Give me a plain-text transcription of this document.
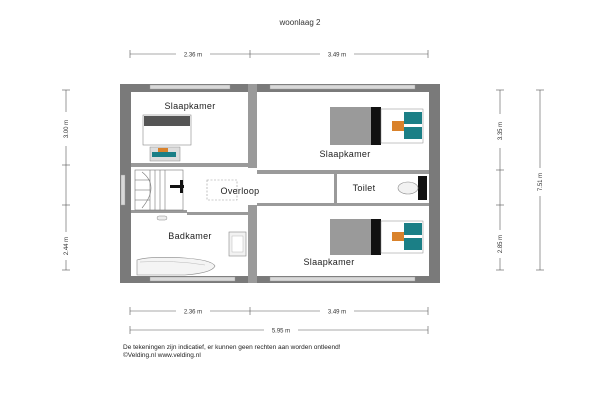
woonlaag 2
2.36 m	3.49 m
2.36 m	3.49 m
5.95 m
3.00 m
2.44 m
3.35 m
2.85 m
7.51 m
Slaapkamer
Slaapkamer
Overloop	Toilet
Badkamer
Slaapkamer
De tekeningen zijn indicatief, er kunnen geen rechten aan worden ontleend!
©Velding.nl www.velding.nl
